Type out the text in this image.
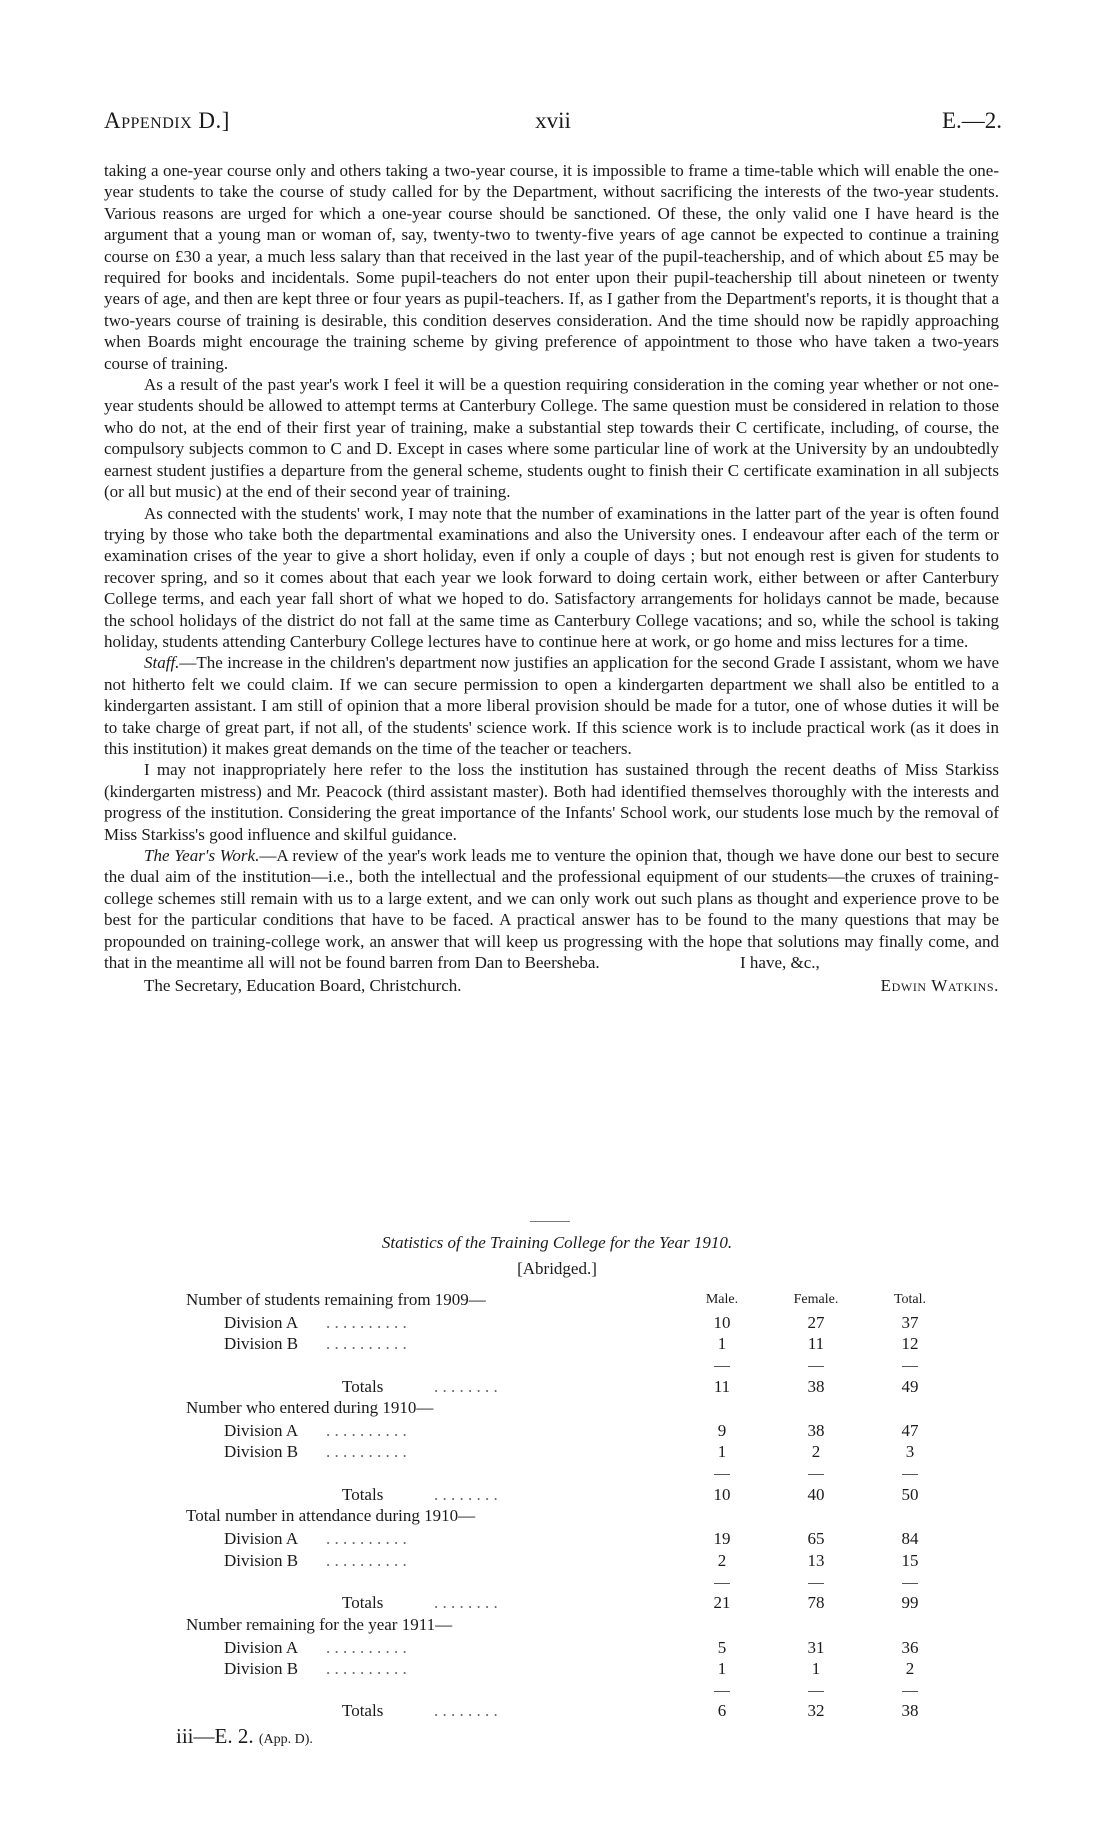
Appendix D.]	xvii	E.—2.

taking a one-year course only and others taking a two-year course, it is impossible to frame a time-table which will enable the one-year students to take the course of study called for by the Department, without sacrificing the interests of the two-year students. Various reasons are urged for which a one-year course should be sanctioned. Of these, the only valid one I have heard is the argument that a young man or woman of, say, twenty-two to twenty-five years of age cannot be expected to continue a training course on £30 a year, a much less salary than that received in the last year of the pupil-teachership, and of which about £5 may be required for books and incidentals. Some pupil-teachers do not enter upon their pupil-teachership till about nineteen or twenty years of age, and then are kept three or four years as pupil-teachers. If, as I gather from the Department's reports, it is thought that a two-years course of training is desirable, this condition deserves consideration. And the time should now be rapidly approaching when Boards might encourage the training scheme by giving preference of appointment to those who have taken a two-years course of training.

As a result of the past year's work I feel it will be a question requiring consideration in the coming year whether or not one-year students should be allowed to attempt terms at Canterbury College. The same question must be considered in relation to those who do not, at the end of their first year of training, make a substantial step towards their C certificate, including, of course, the compulsory subjects common to C and D. Except in cases where some particular line of work at the University by an undoubtedly earnest student justifies a departure from the general scheme, students ought to finish their C certificate examination in all subjects (or all but music) at the end of their second year of training.

As connected with the students' work, I may note that the number of examinations in the latter part of the year is often found trying by those who take both the departmental examinations and also the University ones. I endeavour after each of the term or examination crises of the year to give a short holiday, even if only a couple of days ; but not enough rest is given for students to recover spring, and so it comes about that each year we look forward to doing certain work, either between or after Canterbury College terms, and each year fall short of what we hoped to do. Satisfactory arrangements for holidays cannot be made, because the school holidays of the district do not fall at the same time as Canterbury College vacations; and so, while the school is taking holiday, students attending Canterbury College lectures have to continue here at work, or go home and miss lectures for a time.

Staff.—The increase in the children's department now justifies an application for the second Grade I assistant, whom we have not hitherto felt we could claim. If we can secure permission to open a kindergarten department we shall also be entitled to a kindergarten assistant. I am still of opinion that a more liberal provision should be made for a tutor, one of whose duties it will be to take charge of great part, if not all, of the students' science work. If this science work is to include practical work (as it does in this institution) it makes great demands on the time of the teacher or teachers.

I may not inappropriately here refer to the loss the institution has sustained through the recent deaths of Miss Starkiss (kindergarten mistress) and Mr. Peacock (third assistant master). Both had identified themselves thoroughly with the interests and progress of the institution. Considering the great importance of the Infants' School work, our students lose much by the removal of Miss Starkiss's good influence and skilful guidance.

The Year's Work.—A review of the year's work leads me to venture the opinion that, though we have done our best to secure the dual aim of the institution—i.e., both the intellectual and the professional equipment of our students—the cruxes of training-college schemes still remain with us to a large extent, and we can only work out such plans as thought and experience prove to be best for the particular conditions that have to be faced. A practical answer has to be found to the many questions that may be propounded on training-college work, an answer that will keep us progressing with the hope that solutions may finally come, and that in the meantime all will not be found barren from Dan to Beersheba.	I have, &c.,
The Secretary, Education Board, Christchurch.	Edwin Watkins.
Statistics of the Training College for the Year 1910.
[Abridged.]
Number of students remaining from 1909—	Male.	Female.	Total.
Division A . . . . . . . . . .	10	27	37
Division B . . . . . . . . . .	1	11	12
Totals	. . . . . . . .	11	38	49
Number who entered during 1910—
Division A . . . . . . . . . .	9	38	47
Division B . . . . . . . . . .	1	2	3
Totals	. . . . . . . .	10	40	50
Total number in attendance during 1910—
Division A . . . . . . . . . .	19	65	84
Division B . . . . . . . . . .	2	13	15
Totals	. . . . . . . .	21	78	99
Number remaining for the year 1911—
Division A . . . . . . . . . .	5	31	36
Division B . . . . . . . . . .	1	1	2
Totals	. . . . . . . .	6	32	38
iii—E. 2. (App. D).
